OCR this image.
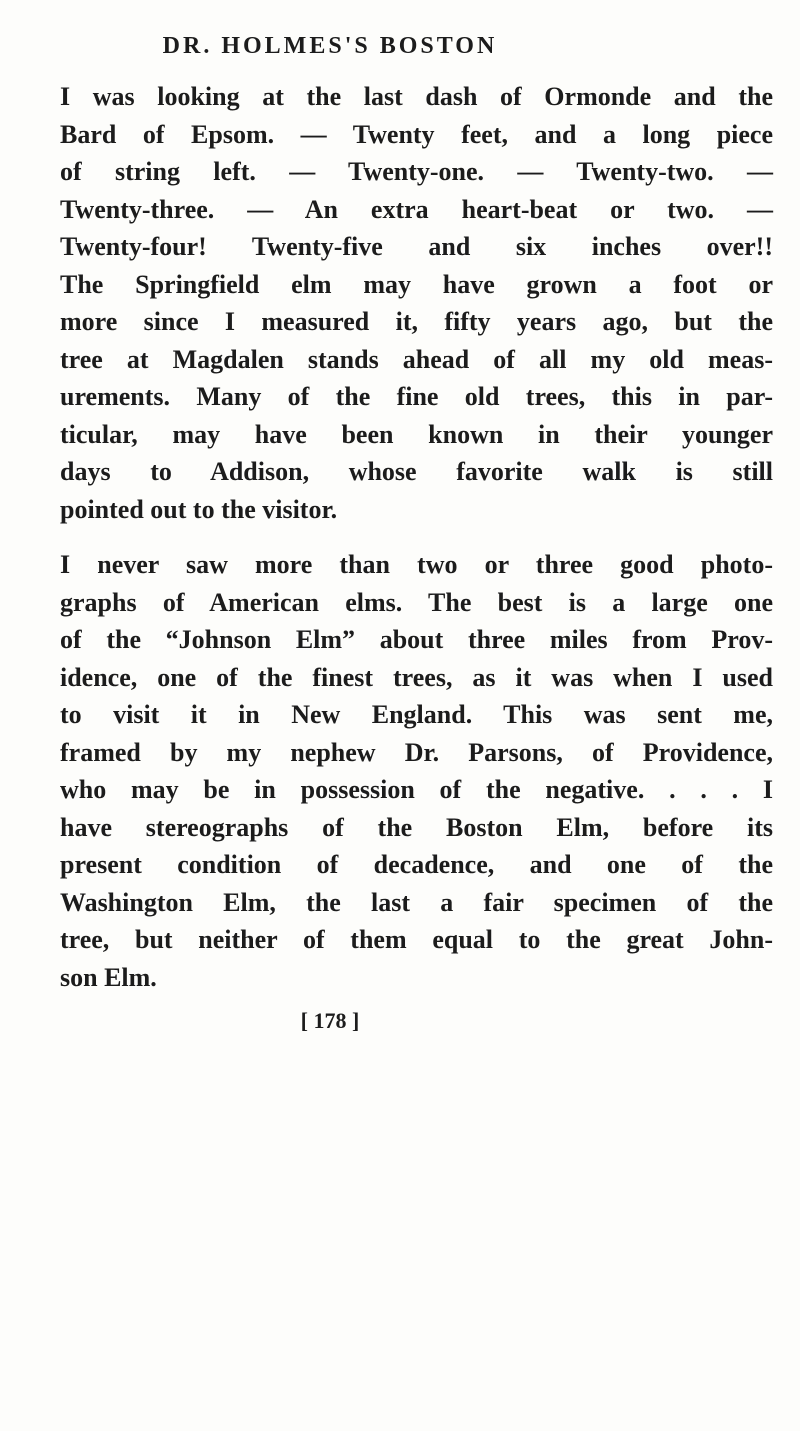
DR. HOLMES'S BOSTON
I was looking at the last dash of Ormonde and the
Bard of Epsom. — Twenty feet, and a long piece
of string left. — Twenty-one. — Twenty-two. —
Twenty-three. — An extra heart-beat or two. —
Twenty-four! Twenty-five and six inches over!!
The Springfield elm may have grown a foot or
more since I measured it, fifty years ago, but the
tree at Magdalen stands ahead of all my old meas-
urements. Many of the fine old trees, this in par-
ticular, may have been known in their younger
days to Addison, whose favorite walk is still
pointed out to the visitor.
I never saw more than two or three good photo-
graphs of American elms. The best is a large one
of the “Johnson Elm” about three miles from Prov-
idence, one of the finest trees, as it was when I used
to visit it in New England. This was sent me,
framed by my nephew Dr. Parsons, of Providence,
who may be in possession of the negative. . . . I
have stereographs of the Boston Elm, before its
present condition of decadence, and one of the
Washington Elm, the last a fair specimen of the
tree, but neither of them equal to the great John-
son Elm.
[ 178 ]
